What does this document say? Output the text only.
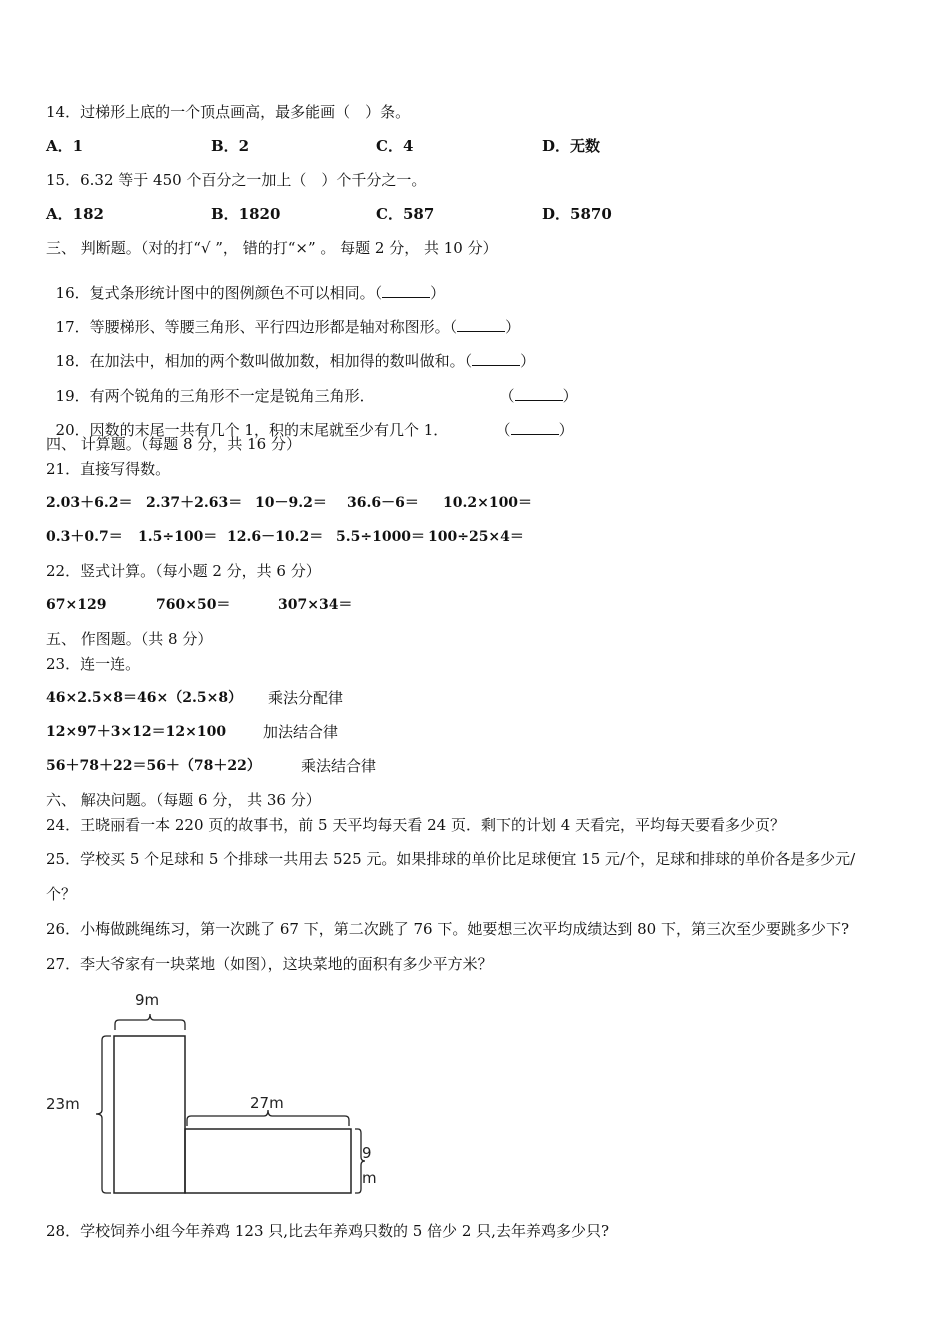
14．过梯形上底的一个顶点画高，最多能画（　）条。
A．1	B．2	C．4	D．无数
15．6.32 等于 450 个百分之一加上（　）个千分之一。
A．182	B．1820	C．587	D．5870
三、 判断题。（对的打“√ ”， 错的打“×” 。 每题 2 分， 共 10 分）

16．复式条形统计图中的图例颜色不可以相同。（	）

17．等腰梯形、等腰三角形、平行四边形都是轴对称图形。（	）

18．在加法中，相加的两个数叫做加数，相加得的数叫做和。（	）

19．有两个锐角的三角形不一定是锐角三角形．	（	）

20．因数的末尾一共有几个 1，积的末尾就至少有几个 1．	（	）

四、 计算题。（每题 8 分，共 16 分）
21．直接写得数。
2.03＋6.2＝ 2.37＋2.63＝ 10－9.2＝ 36.6－6＝ 10.2×100＝
0.3＋0.7＝ 1.5÷100＝ 12.6－10.2＝ 5.5÷1000＝ 100÷25×4＝
22．竖式计算。（每小题 2 分，共 6 分）
67×129	760×50＝	307×34＝
五、 作图题。（共 8 分）
23．连一连。
46×2.5×8＝46×（2.5×8） 乘法分配律
12×97＋3×12＝12×100 加法结合律
56＋78＋22＝56＋（78＋22）	乘法结合律
六、 解决问题。（每题 6 分， 共 36 分）
24．王晓丽看一本 220 页的故事书，前 5 天平均每天看 24 页．剩下的计划 4 天看完，平均每天要看多少页？
25．学校买 5 个足球和 5 个排球一共用去 525 元。如果排球的单价比足球便宜 15 元/个，足球和排球的单价各是多少元/
个？
26．小梅做跳绳练习，第一次跳了 67 下，第二次跳了 76 下。她要想三次平均成绩达到 80 下，第三次至少要跳多少下?
27．李大爷家有一块菜地（如图），这块菜地的面积有多少平方米？
9m
23m	27m
9
m
28．学校饲养小组今年养鸡 123 只,比去年养鸡只数的 5 倍少 2 只,去年养鸡多少只?
